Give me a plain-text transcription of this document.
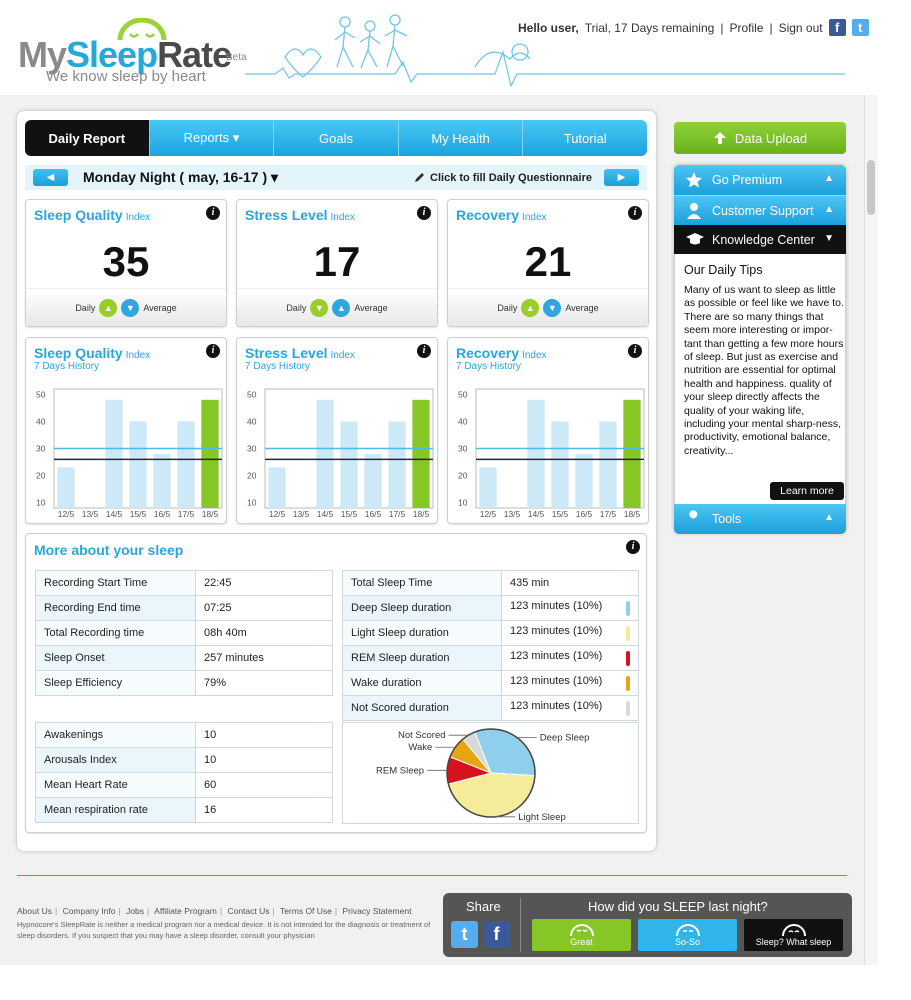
MySleepRate
Beta
We know sleep by heart
Hello user, Trial, 17 Days remaining | Profile | Sign out f	t
Daily Report	Reports ▾	Goals	My Health	Tutorial
◀ Monday Night ( may, 16-17 ) ▾	Click to fill Daily Questionnaire	▶
Sleep Quality Index	i
35
Daily ▲	▼ Average
Stress Level Index	i
17
Daily ▼	▲ Average
Recovery Index	i
21
Daily ▲	▼ Average
Sleep Quality Index
7 Days History
i
10
20
30
40
50
12/5 13/5 14/5 15/5 16/5 17/5 18/5
Stress Level Index
7 Days History
i
10
20
30
40
50
12/5 13/5 14/5 15/5 16/5 17/5 18/5
Recovery Index
7 Days History
i
10
20
30
40
50
12/5 13/5 14/5 15/5 16/5 17/5 18/5
More about your sleep	i
Recording Start Time	22:45
Recording End time	07:25
Total Recording time	08h 40m
Sleep Onset	257 minutes
Sleep Efficiency	79%
Awakenings	10
Arousals Index	10
Mean Heart Rate	60
Mean respiration rate	16
Total Sleep Time	435 min
Deep Sleep duration	123 minutes (10%)

Light Sleep duration	123 minutes (10%)

REM Sleep duration	123 minutes (10%)

Wake duration	123 minutes (10%)

Not Scored duration	123 minutes (10%)
Deep Sleep
Light Sleep
REM Sleep
Wake
Not Scored
Data Upload
Go Premium	▲
Customer Support ▲
Knowledge Center ▼
Our Daily Tips

Many of us want to sleep as little as possible or feel like we have to. There are so many things that seem more interesting or impor-tant than getting a few more hours of sleep. But just as exercise and nutrition are essential for optimal health and happiness. quality of your sleep directly affects the quality of your waking life, including your mental sharp-ness, productivity, emotional balance, creativity...

Learn more
Tools	▲
About Us | Company Info | Jobs | Affiliate Program | Contact Us | Terms Of Use | Privacy Statement
Hypnocore's SleepRate is neither a medical program nor a medical device. It is not intended for the diagnosis or treatment of sleep disorders. If you suspect that you may have a sleep disorder, consult your physician
Share
t	f
How did you SLEEP last night?
Great	So-So	Sleep? What sleep
